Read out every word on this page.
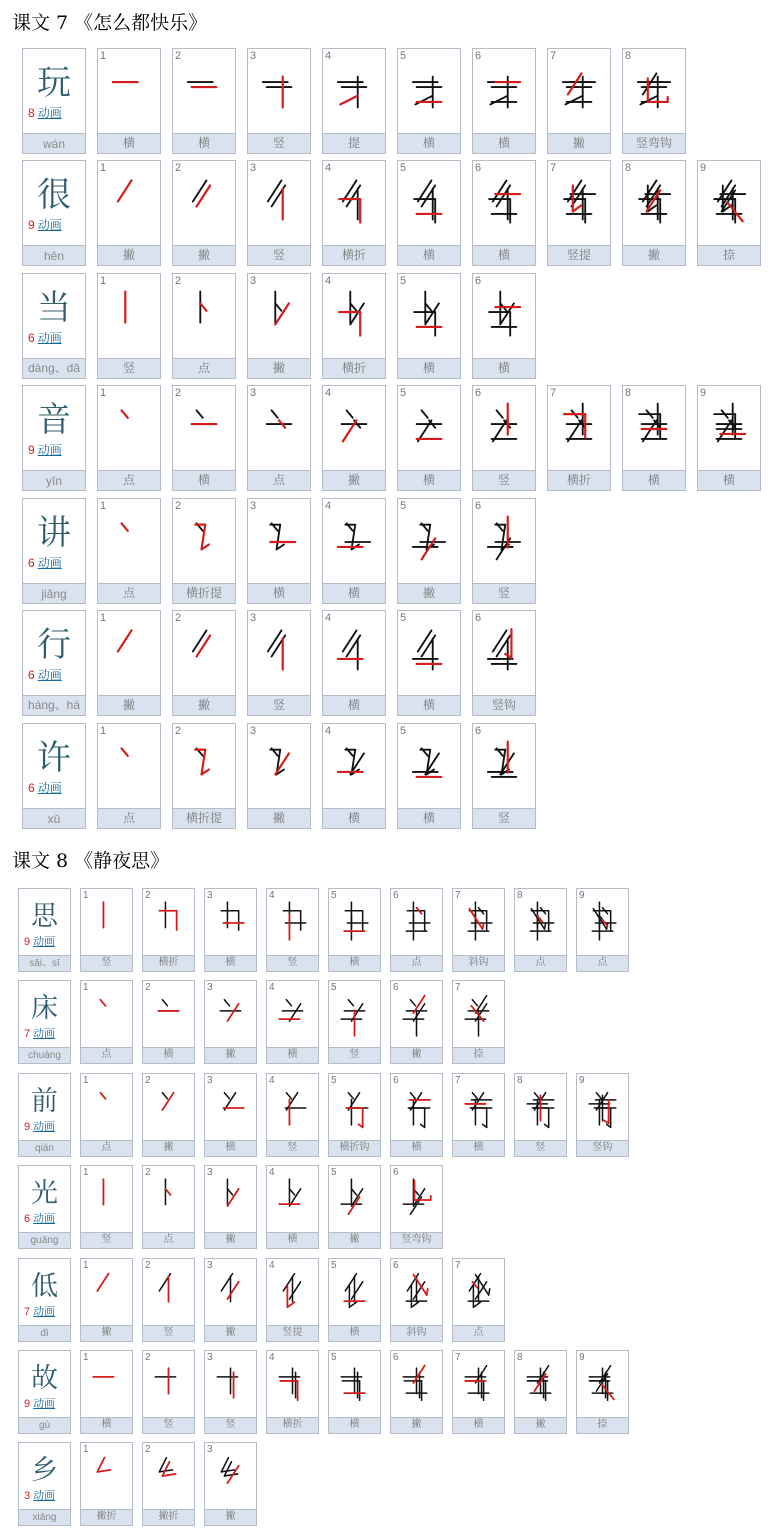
课文 7 《怎么都快乐》
玩
8 动画
wán
1
横
2
横
3
竖
4
提
5
横
6
横
7
撇
8
竖弯钩
很
9 动画
hěn
1
撇
2
撇
3
竖
4
横折
5
横
6
横
7
竖提
8
撇
9
捺
当
6 动画
dàng、dā
1
竖
2
点
3
撇
4
横折
5
横
6
横
音
9 动画
yīn
1
点
2
横
3
点
4
撇
5
横
6
竖
7
横折
8
横
9
横
讲
6 动画
jiǎng
1
点
2
横折提
3
横
4
横
5
撇
6
竖
行
6 动画
háng、há
1
撇
2
撇
3
竖
4
横
5
横
6
竖钩
许
6 动画
xǔ
1
点
2
横折提
3
撇
4
横
5
横
6
竖
课文 8 《静夜思》
思
9 动画
sāi、sī
1
竖
2
横折
3
横
4
竖
5
横
6
点
7
斜钩
8
点
9
点
床
7 动画
chuáng
1
点
2
横
3
撇
4
横
5
竖
6
撇
7
捺
前
9 动画
qián
1
点
2
撇
3
横
4
竖
5
横折钩
6
横
7
横
8
竖
9
竖钩
光
6 动画
guāng
1
竖
2
点
3
撇
4
横
5
撇
6
竖弯钩
低
7 动画
dī
1
撇
2
竖
3
撇
4
竖提
5
横
6
斜钩
7
点
故
9 动画
gù
1
横
2
竖
3
竖
4
横折
5
横
6
撇
7
横
8
撇
9
捺
乡
3 动画
xiāng
1
撇折
2
撇折
3
撇
